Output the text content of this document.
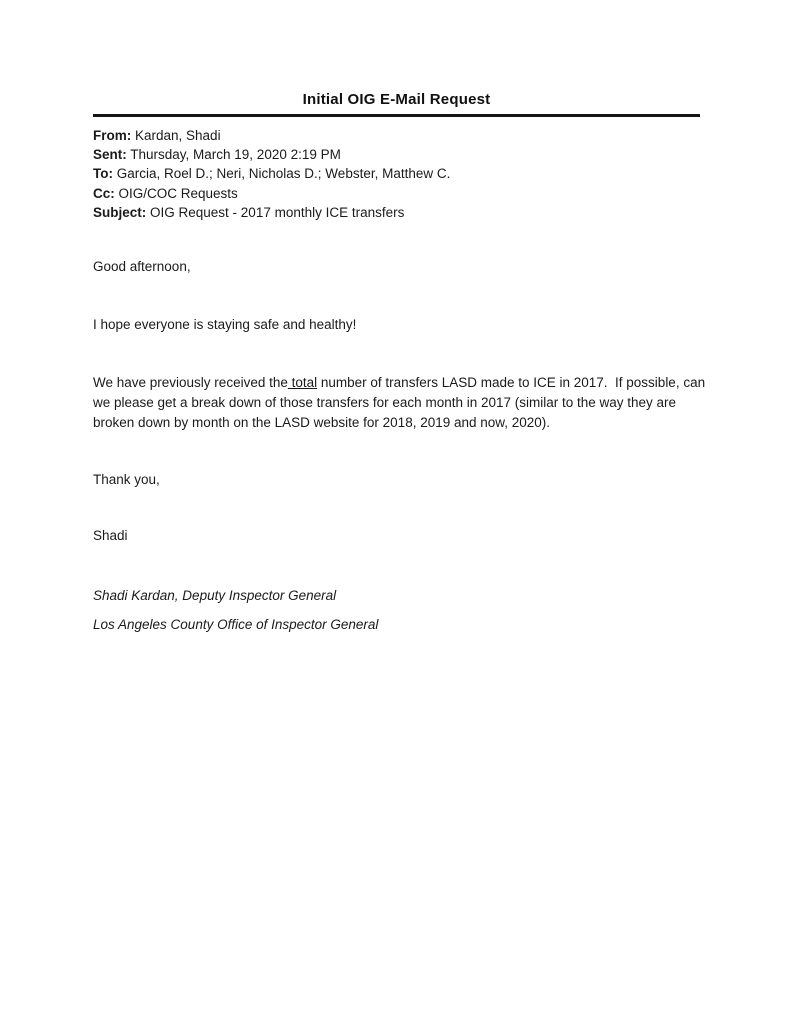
Initial OIG E-Mail Request
From: Kardan, Shadi
Sent: Thursday, March 19, 2020 2:19 PM
To: Garcia, Roel D.; Neri, Nicholas D.; Webster, Matthew C.
Cc: OIG/COC Requests
Subject: OIG Request - 2017 monthly ICE transfers
Good afternoon,
I hope everyone is staying safe and healthy!
We have previously received the total number of transfers LASD made to ICE in 2017.  If possible, can we please get a break down of those transfers for each month in 2017 (similar to the way they are broken down by month on the LASD website for 2018, 2019 and now, 2020).
Thank you,
Shadi
Shadi Kardan, Deputy Inspector General
Los Angeles County Office of Inspector General
